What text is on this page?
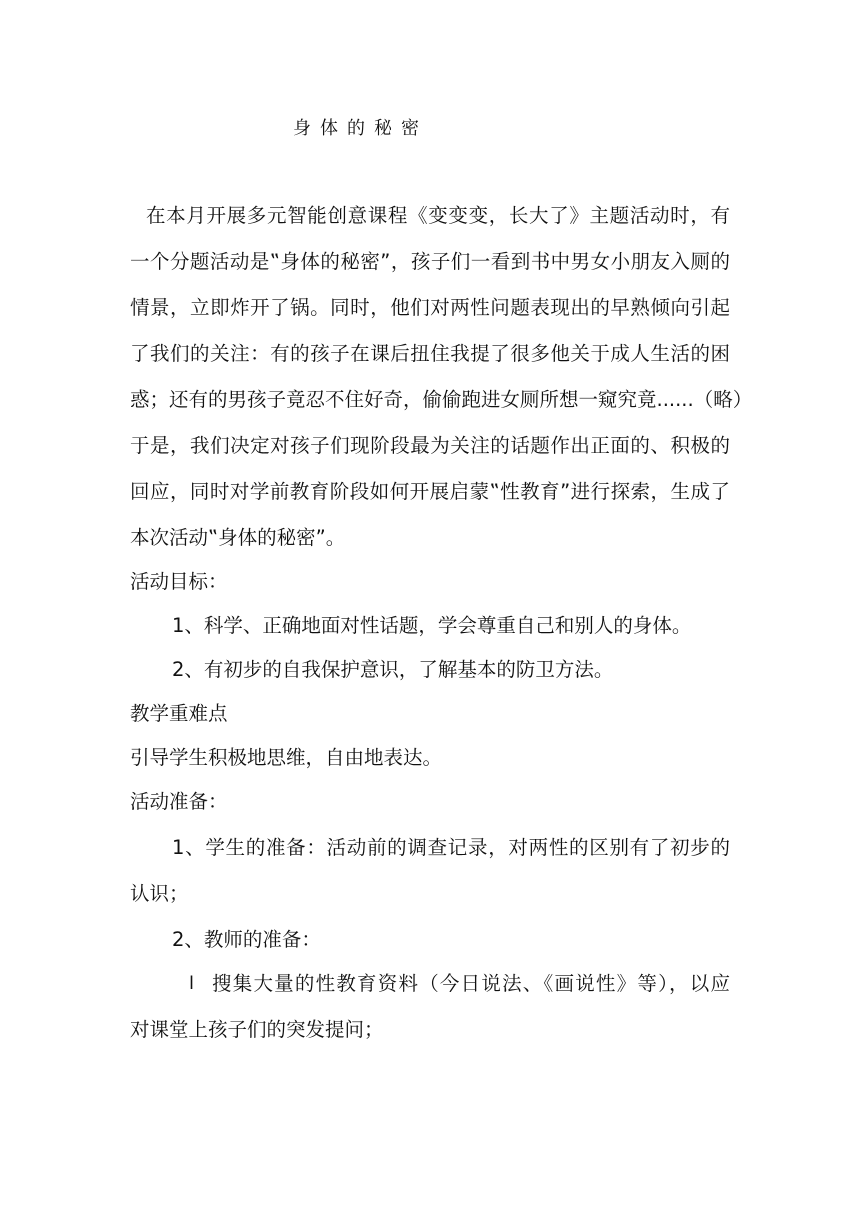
身体的秘密
在本月开展多元智能创意课程《变变变，长大了》主题活动时，有
一个分题活动是‟身体的秘密”，孩子们一看到书中男女小朋友入厕的
情景，立即炸开了锅。同时，他们对两性问题表现出的早熟倾向引起
了我们的关注：有的孩子在课后扭住我提了很多他关于成人生活的困
惑；还有的男孩子竟忍不住好奇，偷偷跑进女厕所想一窥究竟......（略）
于是，我们决定对孩子们现阶段最为关注的话题作出正面的、积极的
回应，同时对学前教育阶段如何开展启蒙‟性教育”进行探索，生成了
本次活动‟身体的秘密”。
活动目标：
1、科学、正确地面对性话题，学会尊重自己和别人的身体。
2、有初步的自我保护意识，了解基本的防卫方法。
教学重难点
引导学生积极地思维，自由地表达。
活动准备：
1、学生的准备：活动前的调查记录，对两性的区别有了初步的
认识；
2、教师的准备：
l 搜集大量的性教育资料（今日说法、《画说性》等），以应
对课堂上孩子们的突发提问；
